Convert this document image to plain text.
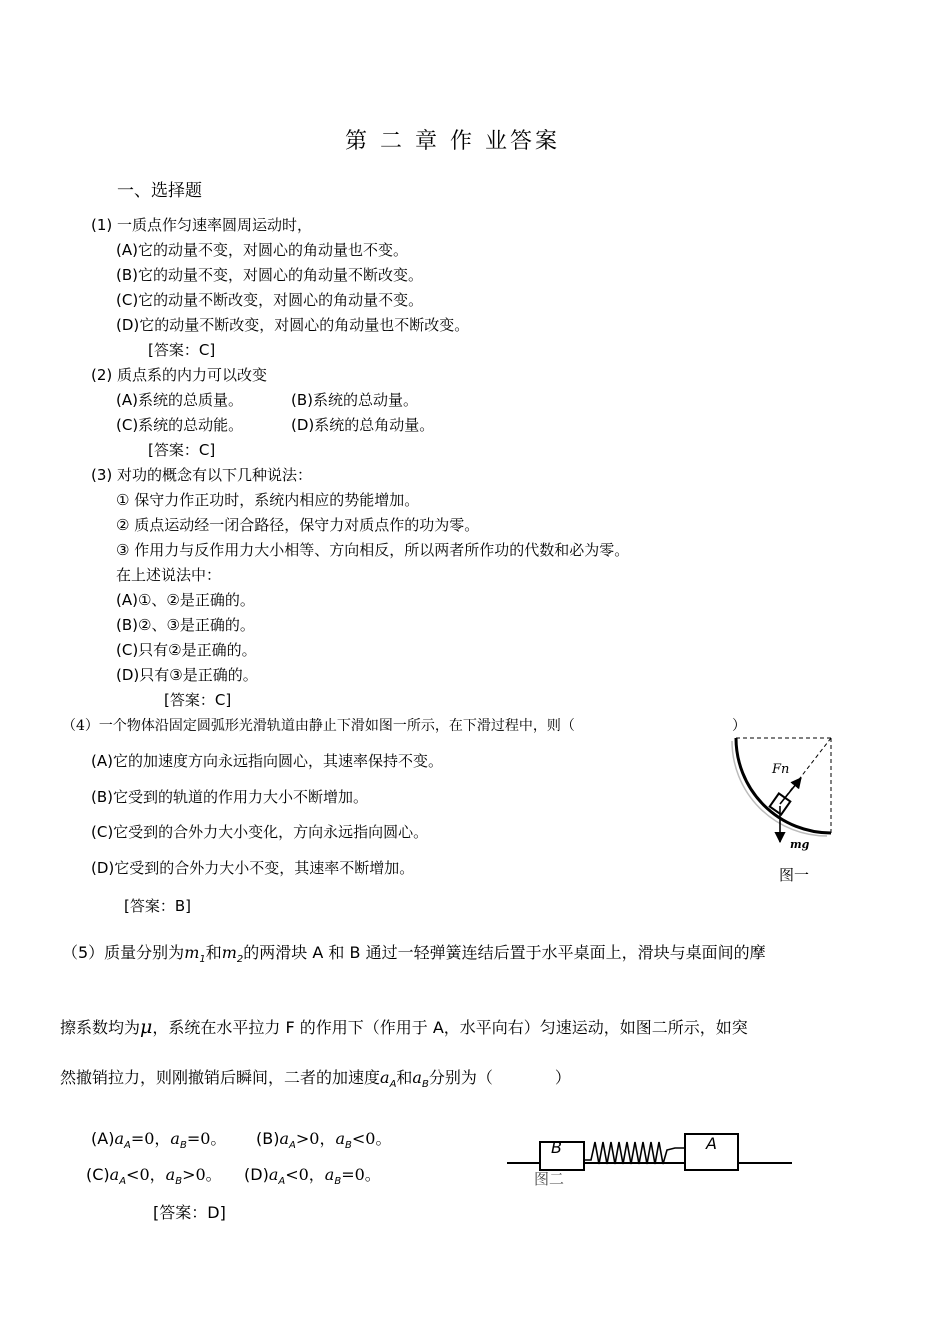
第 二 章 作 业答案
一、选择题
(1) 一质点作匀速率圆周运动时，
(A)它的动量不变，对圆心的角动量也不变。
(B)它的动量不变，对圆心的角动量不断改变。
(C)它的动量不断改变，对圆心的角动量不变。
(D)它的动量不断改变，对圆心的角动量也不断改变。
[答案：C]
(2) 质点系的内力可以改变
(A)系统的总质量。	(B)系统的总动量。
(C)系统的总动能。	(D)系统的总角动量。
[答案：C]
(3) 对功的概念有以下几种说法：
① 保守力作正功时，系统内相应的势能增加。
② 质点运动经一闭合路径，保守力对质点作的功为零。
③ 作用力与反作用力大小相等、方向相反，所以两者所作功的代数和必为零。
在上述说法中：
(A)①、②是正确的。
(B)②、③是正确的。
(C)只有②是正确的。
(D)只有③是正确的。
[答案：C]
（4）一个物体沿固定圆弧形光滑轨道由静止下滑如图一所示，在下滑过程中，则（	）
(A)它的加速度方向永远指向圆心，其速率保持不变。
(B)它受到的轨道的作用力大小不断增加。
(C)它受到的合外力大小变化，方向永远指向圆心。
(D)它受到的合外力大小不变，其速率不断增加。
[答案：B]
Fn
mg
图一
（5）质量分别为$m_1$和$m_2$的两滑块 A 和 B 通过一轻弹簧连结后置于水平桌面上，滑块与桌面间的摩
擦系数均为μ，系统在水平拉力 F 的作用下（作用于 A，水平向右）匀速运动，如图二所示，如突
然撤销拉力，则刚撤销后瞬间，二者的加速度$a_A$和$a_B$分别为（	）
$(A)a_A=0$，$a_B=0$。 $(B)a_A>0$，$a_B<0$。
$(C)a_A<0$，$a_B>0$。 $(D)a_A<0$，$a_B=0$。
[答案：D]
图二
B	A
